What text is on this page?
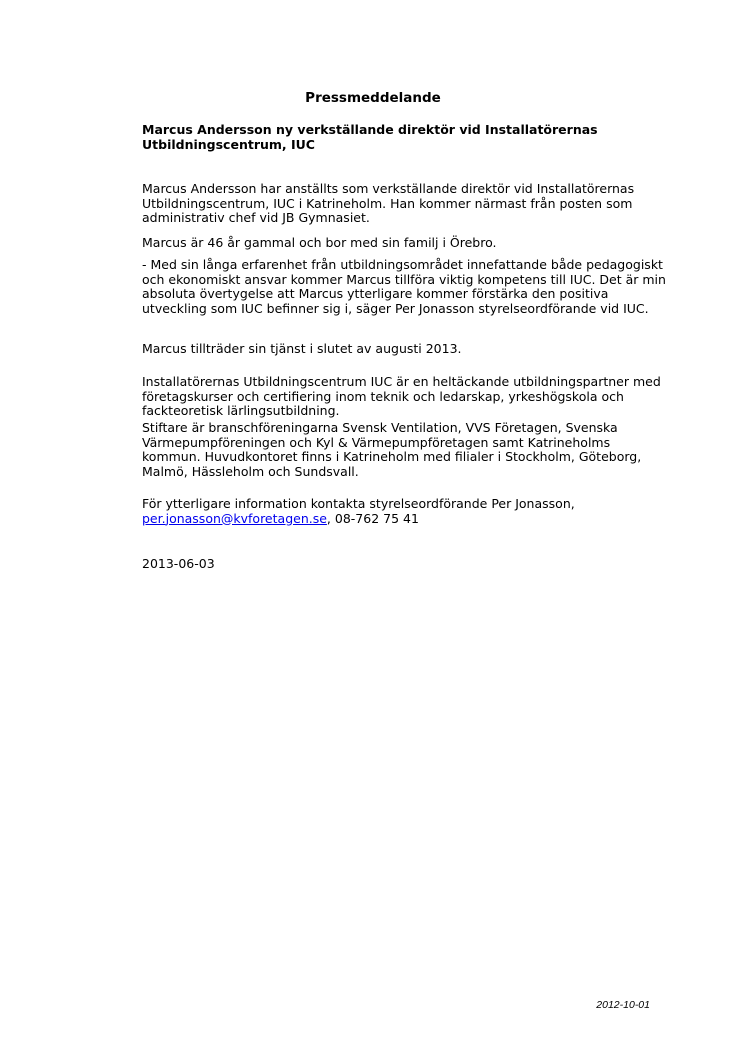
Pressmeddelande
Marcus Andersson ny verkställande direktör vid Installatörernas Utbildningscentrum, IUC

Marcus Andersson har anställts som verkställande direktör vid Installatörernas Utbildningscentrum, IUC i Katrineholm. Han kommer närmast från posten som administrativ chef vid JB Gymnasiet.

Marcus är 46 år gammal och bor med sin familj i Örebro.

- Med sin långa erfarenhet från utbildningsområdet innefattande både pedagogiskt och ekonomiskt ansvar kommer Marcus tillföra viktig kompetens till IUC. Det är min absoluta övertygelse att Marcus ytterligare kommer förstärka den positiva utveckling som IUC befinner sig i, säger Per Jonasson styrelseordförande vid IUC.

Marcus tillträder sin tjänst i slutet av augusti 2013.

Installatörernas Utbildningscentrum IUC är en heltäckande utbildningspartner med företagskurser och certifiering inom teknik och ledarskap, yrkeshögskola och fackteoretisk lärlingsutbildning.

Stiftare är branschföreningarna Svensk Ventilation, VVS Företagen, Svenska Värmepumpföreningen och Kyl & Värmepumpföretagen samt Katrineholms kommun. Huvudkontoret finns i Katrineholm med filialer i Stockholm, Göteborg, Malmö, Hässleholm och Sundsvall.

För ytterligare information kontakta styrelseordförande Per Jonasson,
per.jonasson@kvforetagen.se, 08-762 75 41

2013-06-03

2012-10-01
